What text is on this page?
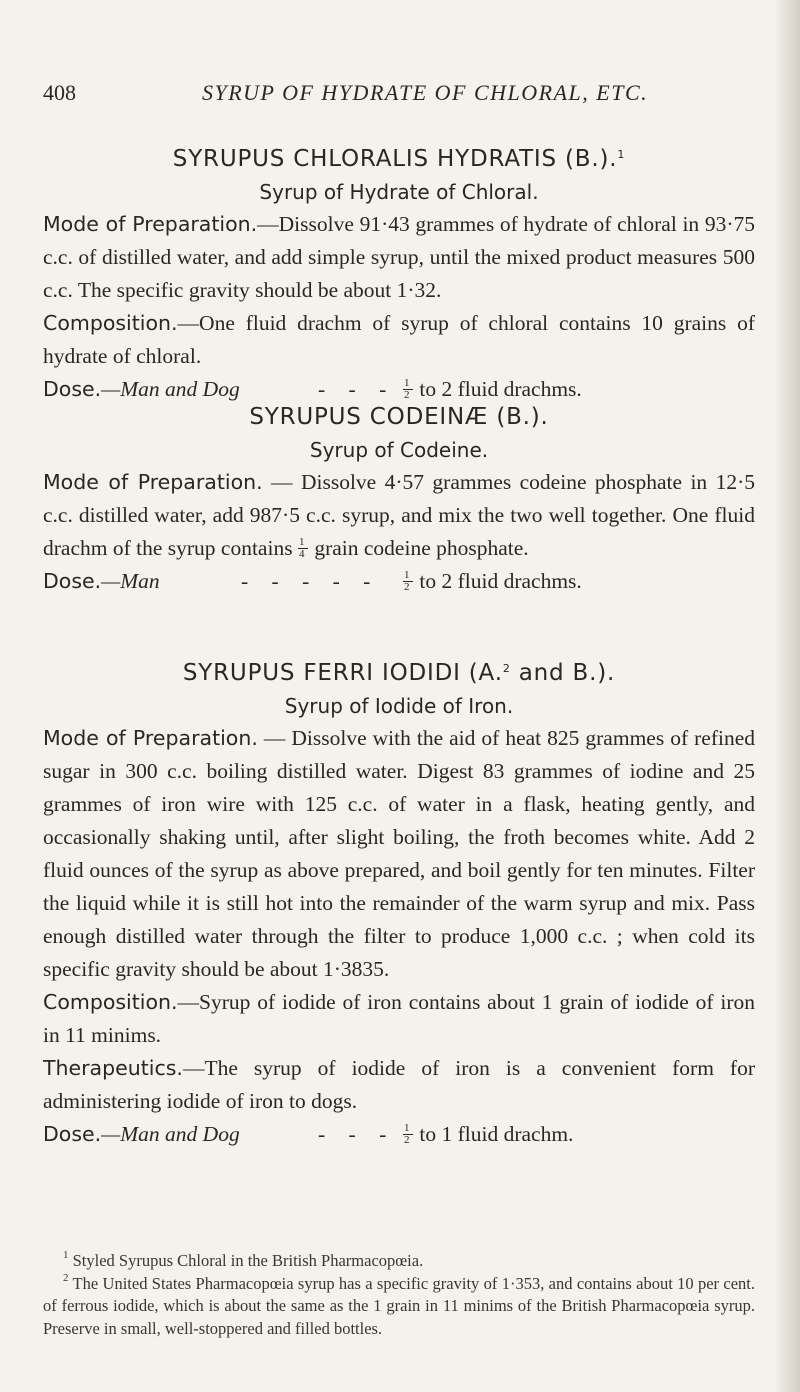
408	SYRUP OF HYDRATE OF CHLORAL, ETC.

SYRUPUS CHLORALIS HYDRATIS (B.).$^1$

Syrup of Hydrate of Chloral.

Mode of Preparation.—Dissolve 91·43 grammes of hydrate of chloral in 93·75 c.c. of distilled water, and add simple syrup, until the mixed product measures 500 c.c. The specific gravity should be about 1·32.

Composition.—One fluid drachm of syrup of chloral contains 10 grains of hydrate of chloral.

Dose.—Man and Dog	- - - $\frac{1}{2}$ to 2 fluid drachms.

SYRUPUS CODEINÆ (B.).

Syrup of Codeine.

Mode of Preparation. — Dissolve 4·57 grammes codeine phosphate in 12·5 c.c. distilled water, add 987·5 c.c. syrup, and mix the two well together. One fluid drachm of the syrup contains $\frac{1}{4}$ grain codeine phosphate.

Dose.—Man	- - - - -	$\frac{1}{2}$ to 2 fluid drachms.

SYRUPUS FERRI IODIDI (A.$^2$ and B.).

Syrup of Iodide of Iron.

Mode of Preparation. — Dissolve with the aid of heat 825 grammes of refined sugar in 300 c.c. boiling distilled water. Digest 83 grammes of iodine and 25 grammes of iron wire with 125 c.c. of water in a flask, heating gently, and occasionally shaking until, after slight boiling, the froth becomes white. Add 2 fluid ounces of the syrup as above prepared, and boil gently for ten minutes. Filter the liquid while it is still hot into the remainder of the warm syrup and mix. Pass enough distilled water through the filter to produce 1,000 c.c. ; when cold its specific gravity should be about 1·3835.

Composition.—Syrup of iodide of iron contains about 1 grain of iodide of iron in 11 minims.

Therapeutics.—The syrup of iodide of iron is a convenient form for administering iodide of iron to dogs.

Dose.—Man and Dog	- - - $\frac{1}{2}$ to 1 fluid drachm.

$^1$ Styled Syrupus Chloral in the British Pharmacopœia.

$^2$ The United States Pharmacopœia syrup has a specific gravity of 1·353, and contains about 10 per cent. of ferrous iodide, which is about the same as the 1 grain in 11 minims of the British Pharmacopœia syrup. Preserve in small, well-stoppered and filled bottles.
